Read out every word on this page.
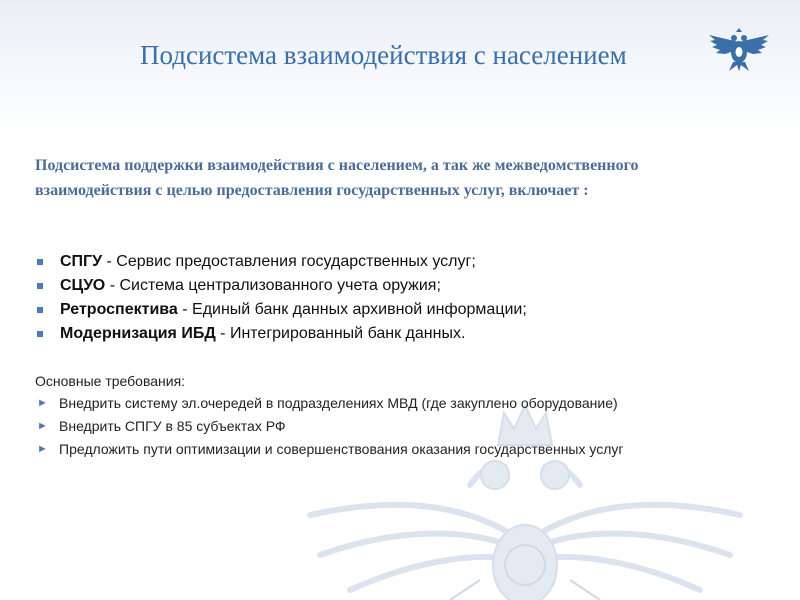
Подсистема взаимодействия с населением
Подсистема поддержки взаимодействия с населением, а так же межведомственного взаимодействия с целью предоставления государственных услуг, включает :
СПГУ - Сервис предоставления государственных услуг;
СЦУО - Система централизованного учета оружия;
Ретроспектива - Единый банк данных архивной информации;
Модернизация ИБД - Интегрированный банк данных.
Основные требования:
► Внедрить систему эл.очередей в подразделениях МВД (где закуплено оборудование)
► Внедрить СПГУ в 85 субъектах РФ
► Предложить пути оптимизации и совершенствования оказания государственных услуг
